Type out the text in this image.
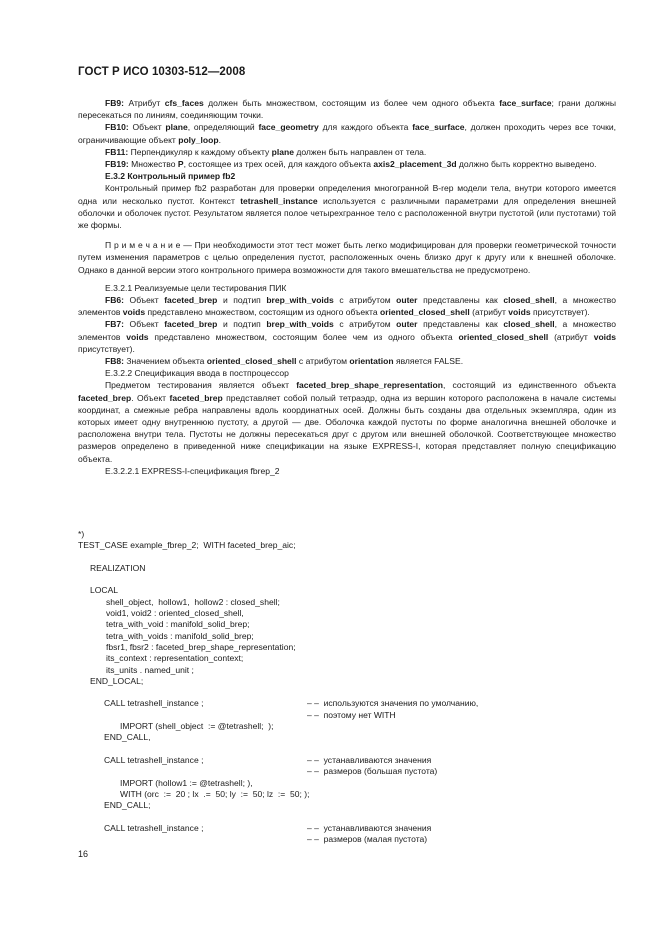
ГОСТ Р ИСО 10303-512—2008

FB9: Атрибут cfs_faces должен быть множеством, состоящим из более чем одного объекта face_surface; грани должны пересекаться по линиям, соединяющим точки.

FB10: Объект plane, определяющий face_geometry для каждого объекта face_surface, должен проходить через все точки, ограничивающие объект poly_loop.

FB11: Перпендикуляр к каждому объекту plane должен быть направлен от тела.

FB19: Множество P, состоящее из трех осей, для каждого объекта axis2_placement_3d должно быть корректно выведено.

Е.3.2 Контрольный пример fb2

Контрольный пример fb2 разработан для проверки определения многогранной В-rep модели тела, внутри которого имеется одна или несколько пустот. Контекст tetrashell_instance используется с различными параметрами для определения внешней оболочки и оболочек пустот. Результатом является полое четырехгранное тело с расположенной внутри пустотой (или пустотами) той же формы.

П р и м е ч а н и е — При необходимости этот тест может быть легко модифицирован для проверки геометрической точности путем изменения параметров с целью определения пустот, расположенных очень близко друг к другу или к внешней оболочке. Однако в данной версии этого контрольного примера возможности для такого вмешательства не предусмотрено.

Е.3.2.1 Реализуемые цели тестирования ПИК

FB6: Объект faceted_brep и подтип brep_with_voids с атрибутом outer представлены как closed_shell, а множество элементов voids представлено множеством, состоящим из одного объекта oriented_closed_shell (атрибут voids присутствует).

FB7: Объект faceted_brep и подтип brep_with_voids с атрибутом outer представлены как closed_shell, а множество элементов voids представлено множеством, состоящим более чем из одного объекта oriented_closed_shell (атрибут voids присутствует).

FB8: Значением объекта oriented_closed_shell с атрибутом orientation является FALSE.

Е.3.2.2 Спецификация ввода в постпроцессор

Предметом тестирования является объект faceted_brep_shape_representation, состоящий из единственного объекта faceted_brep. Объект faceted_brep представляет собой полый тетраэдр, одна из вершин которого расположена в начале системы координат, а смежные ребра направлены вдоль координатных осей. Должны быть созданы два отдельных экземпляра, один из которых имеет одну внутреннюю пустоту, а другой — две. Оболочка каждой пустоты по форме аналогична внешней оболочке и расположена внутри тела. Пустоты не должны пересекаться друг с другом или внешней оболочкой. Соответствующее множество размеров определено в приведенной ниже спецификации на языке EXPRESS-I, которая представляет полную спецификацию объекта.

Е.3.2.2.1 EXPRESS-I-спецификация fbrep_2

*)
TEST_CASE example_fbrep_2;  WITH faceted_brep_aic;
REALIZATION
LOCAL
shell_object,  hollow1,  hollow2 : closed_shell;
void1, void2 : oriented_closed_shell,
tetra_with_void : manifold_solid_brep;
tetra_with_voids : manifold_solid_brep;
fbsr1, fbsr2 : faceted_brep_shape_representation;
its_context : representation_context;
its_units . named_unit ;
END_LOCAL;
CALL tetrashell_instance ;	– –  используются значения по умолчанию,
– –  поэтому нет WITH
IMPORT (shell_object  := @tetrashell;  );
END_CALL,
CALL tetrashell_instance ;	– –  устанавливаются значения
– –  размеров (большая пустота)
IMPORT (hollow1 := @tetrashell; ),
WITH (orc  :=  20 ; lx  .=  50; ly  :=  50; lz  :=  50; );
END_CALL;
CALL tetrashell_instance ;	– –  устанавливаются значения
– –  размеров (малая пустота)
16
